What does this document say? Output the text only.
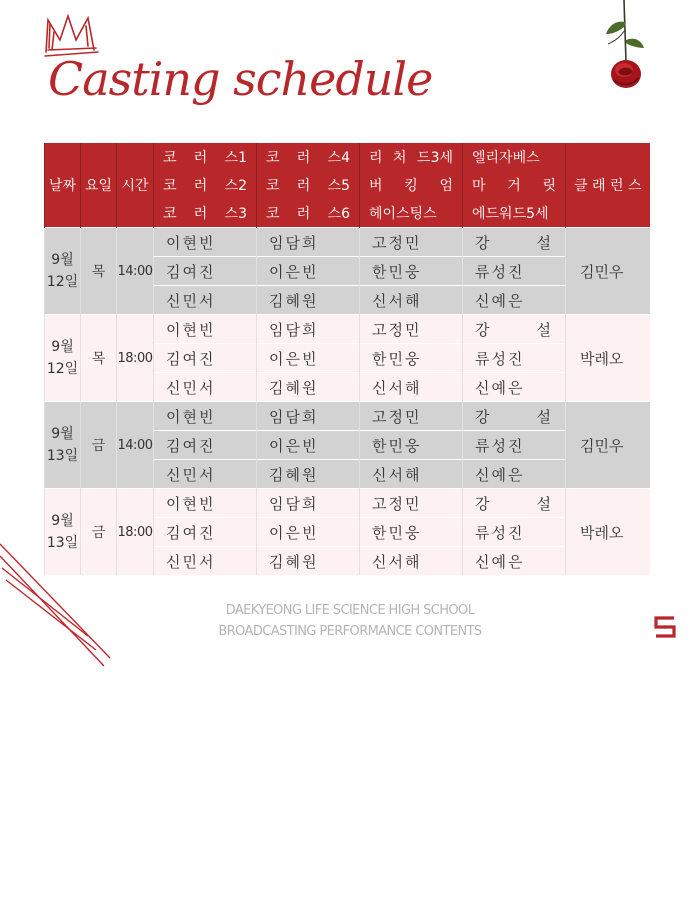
Casting schedule
날짜	요일	시간	코 러 스1	코 러 스4	리 처 드3세	엘리자베스	클 래 런 스
			코 러 스2	코 러 스5	버 킹 엄	마 거 릿	
			코 러 스3	코 러 스6	헤이스팅스	에드워드5세	

9월
12일	목	14:00	이현빈	임담희	고정민	강 설	김민우
			김여진	이은빈	한민웅	류성진	
			신민서	김혜원	신서해	신예은	

9월
12일	목	18:00	이현빈	임담희	고정민	강 설	박레오
			김여진	이은빈	한민웅	류성진	
			신민서	김혜원	신서해	신예은	

9월
13일	금	14:00	이현빈	임담희	고정민	강 설	김민우
			김여진	이은빈	한민웅	류성진	
			신민서	김혜원	신서해	신예은	

9월
13일	금	18:00	이현빈	임담희	고정민	강 설	박레오
			김여진	이은빈	한민웅	류성진	
			신민서	김혜원	신서해	신예은	
DAEKYEONG LIFE SCIENCE HIGH SCHOOL
BROADCASTING PERFORMANCE CONTENTS
